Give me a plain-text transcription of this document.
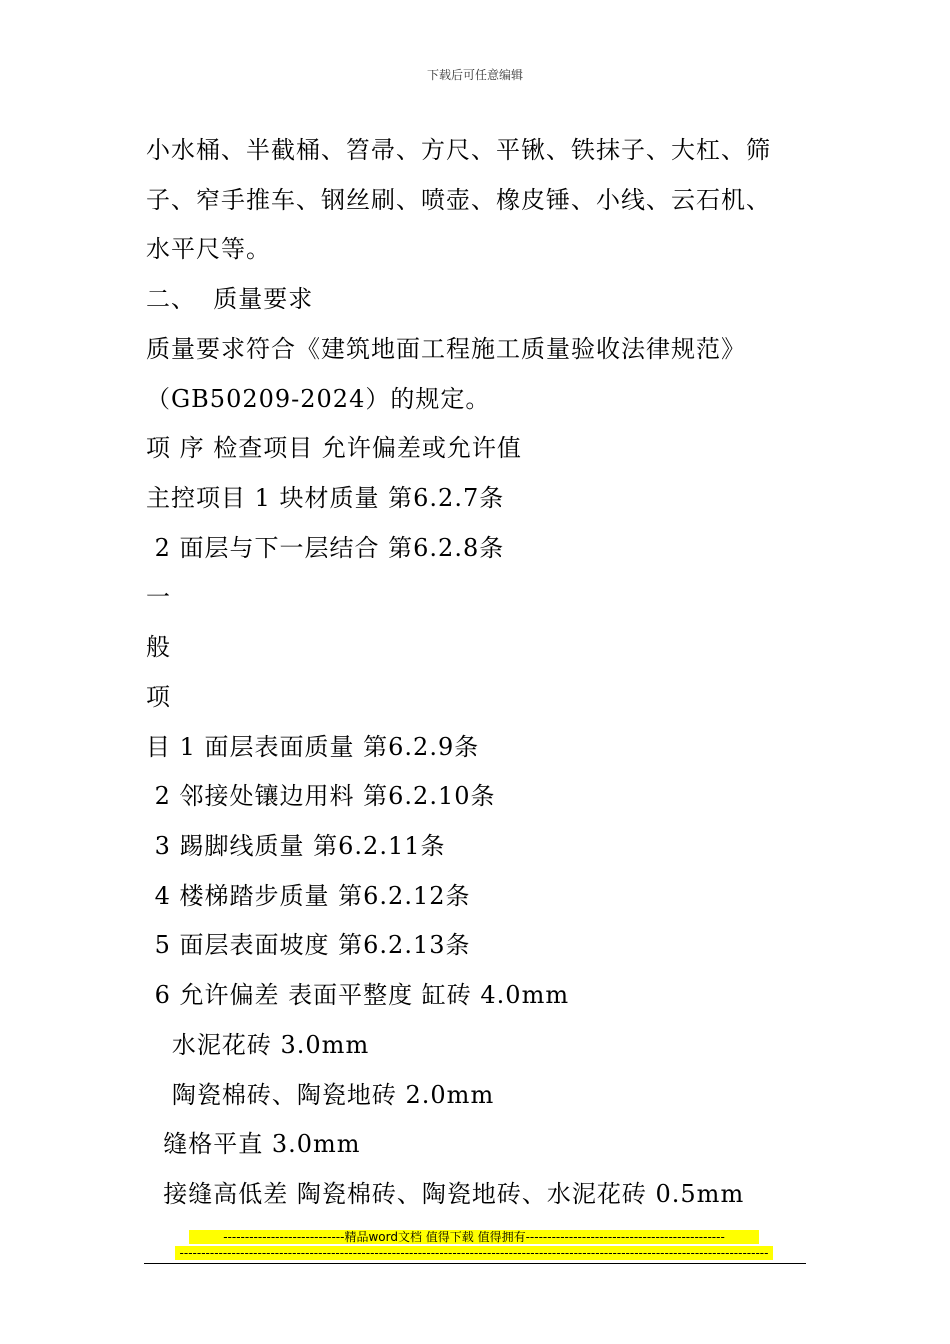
下载后可任意编辑
小水桶、半截桶、笤帚、方尺、平锹、铁抹子、大杠、筛
子、窄手推车、钢丝刷、喷壶、橡皮锤、小线、云石机、
水平尺等。
二、  质量要求
质量要求符合《建筑地面工程施工质量验收法律规范》
（GB50209-2024）的规定。
项 序 检查项目 允许偏差或允许值
主控项目 1 块材质量 第6.2.7条
2 面层与下一层结合 第6.2.8条
一
般
项
目 1 面层表面质量 第6.2.9条
2 邻接处镶边用料 第6.2.10条
3 踢脚线质量 第6.2.11条
4 楼梯踏步质量 第6.2.12条
5 面层表面坡度 第6.2.13条
6 允许偏差 表面平整度 缸砖 4.0mm
水泥花砖 3.0mm
陶瓷棉砖、陶瓷地砖 2.0mm
缝格平直 3.0mm
接缝高低差 陶瓷棉砖、陶瓷地砖、水泥花砖 0.5mm
----------------------------精品word文档 值得下载 值得拥有----------------------------------------------
----------------------------------------------------------------------------------------------------------------------------------------
